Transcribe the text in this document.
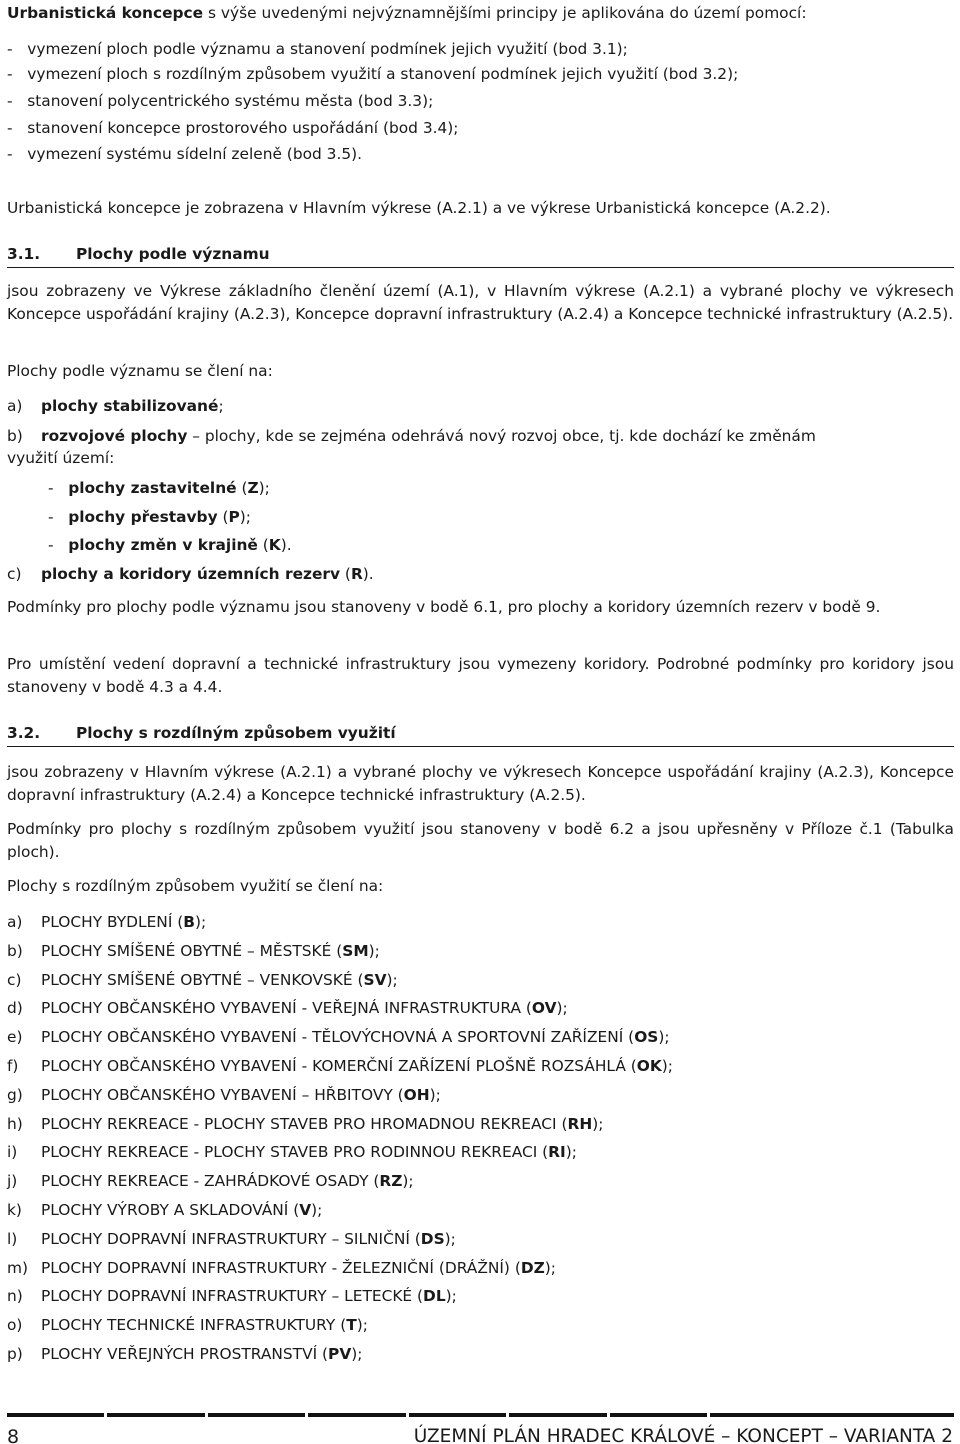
Urbanistická koncepce s výše uvedenými nejvýznamnějšími principy je aplikována do území pomocí:
-   vymezení ploch podle významu a stanovení podmínek jejich využití (bod 3.1);
-   vymezení ploch s rozdílným způsobem využití a stanovení podmínek jejich využití (bod 3.2);
-   stanovení polycentrického systému města (bod 3.3);
-   stanovení koncepce prostorového uspořádání (bod 3.4);
-   vymezení systému sídelní zeleně (bod 3.5).
Urbanistická koncepce je zobrazena v Hlavním výkrese (A.2.1) a ve výkrese Urbanistická koncepce (A.2.2).
3.1. Plochy podle významu
jsou zobrazeny ve Výkrese základního členění území (A.1), v Hlavním výkrese (A.2.1) a vybrané plochy ve výkresech Koncepce uspořádání krajiny (A.2.3), Koncepce dopravní infrastruktury (A.2.4) a Koncepce technické infrastruktury (A.2.5).
Plochy podle významu se člení na:
a)	plochy stabilizované;
b)	rozvojové plochy – plochy, kde se zejména odehrává nový rozvoj obce, tj. kde dochází ke změnám
využití území:
-   plochy zastavitelné (Z);
-   plochy přestavby (P);
-   plochy změn v krajině (K).
c)	plochy a koridory územních rezerv (R).
Podmínky pro plochy podle významu jsou stanoveny v bodě 6.1, pro plochy a koridory územních rezerv v bodě 9.
Pro umístění vedení dopravní a technické infrastruktury jsou vymezeny koridory. Podrobné podmínky pro koridory jsou stanoveny v bodě 4.3 a 4.4.
3.2. Plochy s rozdílným způsobem využití
jsou zobrazeny v Hlavním výkrese (A.2.1) a vybrané plochy ve výkresech Koncepce uspořádání krajiny (A.2.3), Koncepce dopravní infrastruktury (A.2.4) a Koncepce technické infrastruktury (A.2.5).
Podmínky pro plochy s rozdílným způsobem využití jsou stanoveny v bodě 6.2 a jsou upřesněny v Příloze č.1 (Tabulka ploch).
Plochy s rozdílným způsobem využití se člení na:
a)	PLOCHY BYDLENÍ (B);
b)	PLOCHY SMÍŠENÉ OBYTNÉ – MĚSTSKÉ (SM);
c)	PLOCHY SMÍŠENÉ OBYTNÉ – VENKOVSKÉ (SV);
d)	PLOCHY OBČANSKÉHO VYBAVENÍ - VEŘEJNÁ INFRASTRUKTURA (OV);
e)	PLOCHY OBČANSKÉHO VYBAVENÍ - TĚLOVÝCHOVNÁ A SPORTOVNÍ ZAŘÍZENÍ (OS);
f)	PLOCHY OBČANSKÉHO VYBAVENÍ - KOMERČNÍ ZAŘÍZENÍ PLOŠNĚ ROZSÁHLÁ (OK);
g)	PLOCHY OBČANSKÉHO VYBAVENÍ – HŘBITOVY (OH);
h)	PLOCHY REKREACE - PLOCHY STAVEB PRO HROMADNOU REKREACI (RH);
i)	PLOCHY REKREACE - PLOCHY STAVEB PRO RODINNOU REKREACI (RI);
j)	PLOCHY REKREACE - ZAHRÁDKOVÉ OSADY (RZ);
k)	PLOCHY VÝROBY A SKLADOVÁNÍ (V);
l)	PLOCHY DOPRAVNÍ INFRASTRUKTURY – SILNIČNÍ (DS);
m) PLOCHY DOPRAVNÍ INFRASTRUKTURY - ŽELEZNIČNÍ (DRÁŽNÍ) (DZ);
n)	PLOCHY DOPRAVNÍ INFRASTRUKTURY – LETECKÉ (DL);
o)	PLOCHY TECHNICKÉ INFRASTRUKTURY (T);
p)	PLOCHY VEŘEJNÝCH PROSTRANSTVÍ (PV);
8	ÚZEMNÍ PLÁN HRADEC KRÁLOVÉ – KONCEPT – VARIANTA 2
